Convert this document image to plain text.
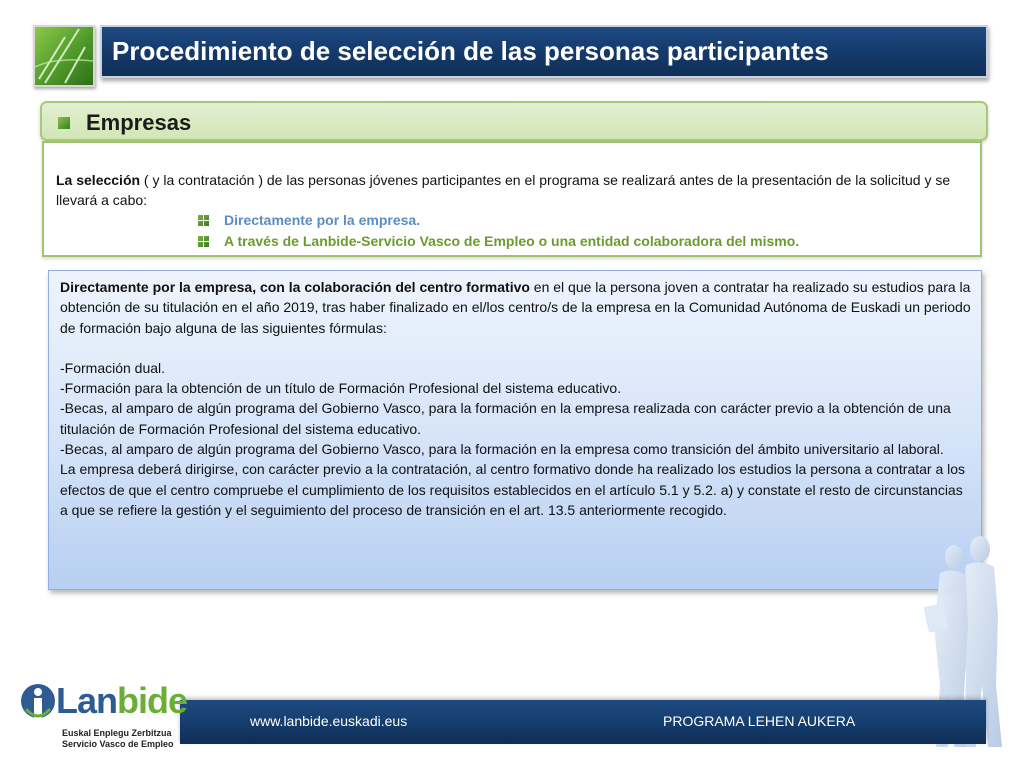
Procedimiento de selección de las personas participantes
Empresas
La selección ( y la contratación ) de las personas jóvenes participantes en el programa se realizará antes de la presentación de la solicitud y se llevará a cabo:
Directamente por la empresa.
A través de Lanbide-Servicio Vasco de Empleo o una entidad colaboradora del mismo.

Directamente por la empresa, con la colaboración del centro formativo en el que la persona joven a contratar ha realizado su estudios para la obtención de su titulación en el año 2019, tras haber finalizado en el/los centro/s de la empresa en la Comunidad Autónoma de Euskadi un periodo de formación bajo alguna de las siguientes fórmulas:

-Formación dual.

-Formación para la obtención de un título de Formación Profesional del sistema educativo.

-Becas, al amparo de algún programa del Gobierno Vasco, para la formación en la empresa realizada con carácter previo a la obtención de una titulación de Formación Profesional del sistema educativo.

-Becas, al amparo de algún programa del Gobierno Vasco, para la formación en la empresa como transición del ámbito universitario al laboral.

La empresa deberá dirigirse, con carácter previo a la contratación, al centro formativo donde ha realizado los estudios la persona a contratar a los efectos de que el centro compruebe el cumplimiento de los requisitos establecidos en el artículo 5.1 y 5.2. a) y constate el resto de circunstancias a que se refiere la gestión y el seguimiento del proceso de transición en el art. 13.5 anteriormente recogido.

www.lanbide.euskadi.eus	PROGRAMA LEHEN AUKERA
Lanbide
Euskal Enplegu Zerbitzua
Servicio Vasco de Empleo
